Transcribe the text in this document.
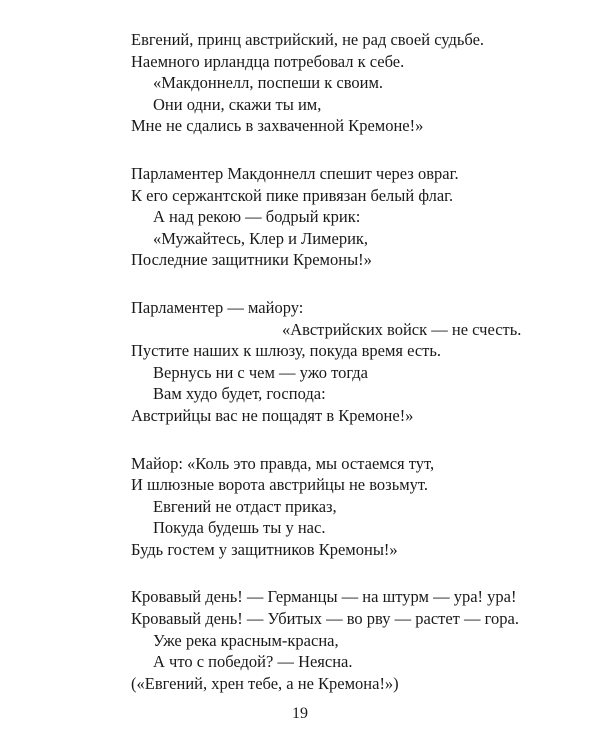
Евгений, принц австрийский, не рад своей судьбе.
Наемного ирландца потребовал к себе.
«Макдоннелл, поспеши к своим.
Они одни, скажи ты им,
Мне не сдались в захваченной Кремоне!»
Парламентер Макдоннелл спешит через овраг.
К его сержантской пике привязан белый флаг.
А над рекою — бодрый крик:
«Мужайтесь, Клер и Лимерик,
Последние защитники Кремоны!»
Парламентер — майору:
«Австрийских войск — не счесть.
Пустите наших к шлюзу, покуда время есть.
Вернусь ни с чем — ужо тогда
Вам худо будет, господа:
Австрийцы вас не пощадят в Кремоне!»
Майор: «Коль это правда, мы остаемся тут,
И шлюзные ворота австрийцы не возьмут.
Евгений не отдаст приказ,
Покуда будешь ты у нас.
Будь гостем у защитников Кремоны!»
Кровавый день! — Германцы — на штурм — ура! ура!
Кровавый день! — Убитых — во рву — растет — гора.
Уже река красным-красна,
А что с победой? — Неясна.
(«Евгений, хрен тебе, а не Кремона!»)
19
